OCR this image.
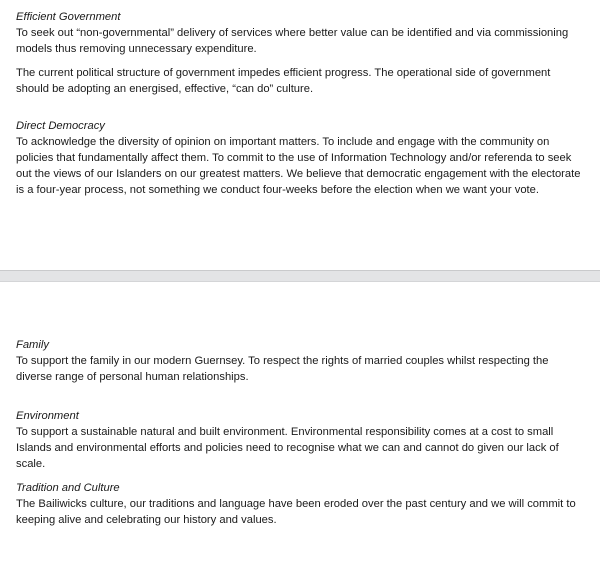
Efficient Government

To seek out “non-governmental” delivery of services where better value can be identified and via commissioning models thus removing unnecessary expenditure.

The current political structure of government impedes efficient progress. The operational side of government should be adopting an energised, effective, “can do” culture.

Direct Democracy

To acknowledge the diversity of opinion on important matters. To include and engage with the community on policies that fundamentally affect them. To commit to the use of Information Technology and/or referenda to seek out the views of our Islanders on our greatest matters. We believe that democratic engagement with the electorate is a four-year process, not something we conduct four-weeks before the election when we want your vote.

Family

To support the family in our modern Guernsey. To respect the rights of married couples whilst respecting the diverse range of personal human relationships.

Environment

To support a sustainable natural and built environment. Environmental responsibility comes at a cost to small Islands and environmental efforts and policies need to recognise what we can and cannot do given our lack of scale.

Tradition and Culture

The Bailiwicks culture, our traditions and language have been eroded over the past century and we will commit to keeping alive and celebrating our history and values.
